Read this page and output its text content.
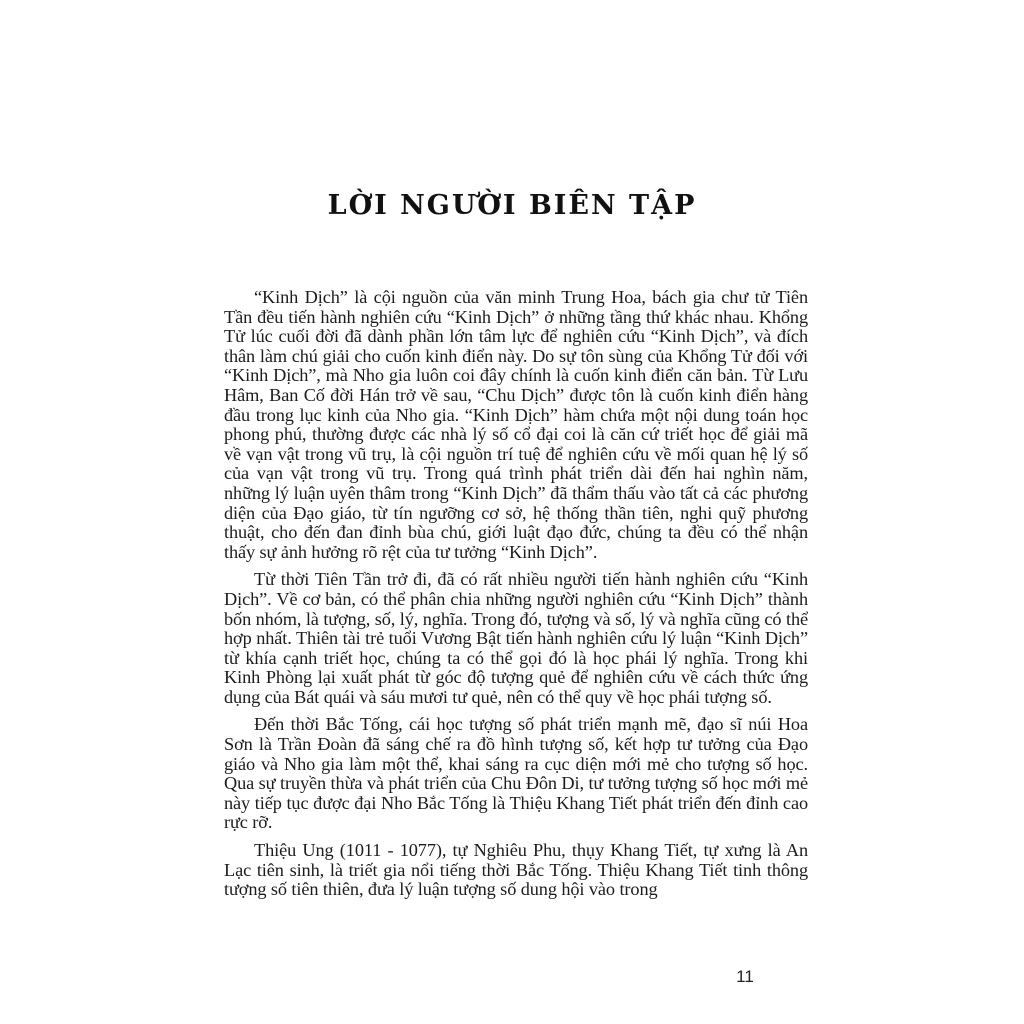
LỜI NGƯỜI BIÊN TẬP

“Kinh Dịch” là cội nguồn của văn minh Trung Hoa, bách gia chư tử Tiên Tần đều tiến hành nghiên cứu “Kinh Dịch” ở những tầng thứ khác nhau. Khổng Tử lúc cuối đời đã dành phần lớn tâm lực để nghiên cứu “Kinh Dịch”, và đích thân làm chú giải cho cuốn kinh điển này. Do sự tôn sùng của Khổng Tử đối với “Kinh Dịch”, mà Nho gia luôn coi đây chính là cuốn kinh điển căn bản. Từ Lưu Hâm, Ban Cố đời Hán trở về sau, “Chu Dịch” được tôn là cuốn kinh điển hàng đầu trong lục kinh của Nho gia. “Kinh Dịch” hàm chứa một nội dung toán học phong phú, thường được các nhà lý số cổ đại coi là căn cứ triết học để giải mã về vạn vật trong vũ trụ, là cội nguồn trí tuệ để nghiên cứu về mối quan hệ lý số của vạn vật trong vũ trụ. Trong quá trình phát triển dài đến hai nghìn năm, những lý luận uyên thâm trong “Kinh Dịch” đã thẩm thấu vào tất cả các phương diện của Đạo giáo, từ tín ngưỡng cơ sở, hệ thống thần tiên, nghi quỹ phương thuật, cho đến đan đỉnh bùa chú, giới luật đạo đức, chúng ta đều có thể nhận thấy sự ảnh hưởng rõ rệt của tư tưởng “Kinh Dịch”.

Từ thời Tiên Tần trở đi, đã có rất nhiều người tiến hành nghiên cứu “Kinh Dịch”. Về cơ bản, có thể phân chia những người nghiên cứu “Kinh Dịch” thành bốn nhóm, là tượng, số, lý, nghĩa. Trong đó, tượng và số, lý và nghĩa cũng có thể hợp nhất. Thiên tài trẻ tuổi Vương Bật tiến hành nghiên cứu lý luận “Kinh Dịch” từ khía cạnh triết học, chúng ta có thể gọi đó là học phái lý nghĩa. Trong khi Kinh Phòng lại xuất phát từ góc độ tượng quẻ để nghiên cứu về cách thức ứng dụng của Bát quái và sáu mươi tư quẻ, nên có thể quy về học phái tượng số.

Đến thời Bắc Tống, cái học tượng số phát triển mạnh mẽ, đạo sĩ núi Hoa Sơn là Trần Đoàn đã sáng chế ra đồ hình tượng số, kết hợp tư tưởng của Đạo giáo và Nho gia làm một thể, khai sáng ra cục diện mới mẻ cho tượng số học. Qua sự truyền thừa và phát triển của Chu Đôn Di, tư tưởng tượng số học mới mẻ này tiếp tục được đại Nho Bắc Tống là Thiệu Khang Tiết phát triển đến đỉnh cao rực rỡ.

Thiệu Ung (1011 - 1077), tự Nghiêu Phu, thụy Khang Tiết, tự xưng là An Lạc tiên sinh, là triết gia nổi tiếng thời Bắc Tống. Thiệu Khang Tiết tinh thông tượng số tiên thiên, đưa lý luận tượng số dung hội vào trong

11
